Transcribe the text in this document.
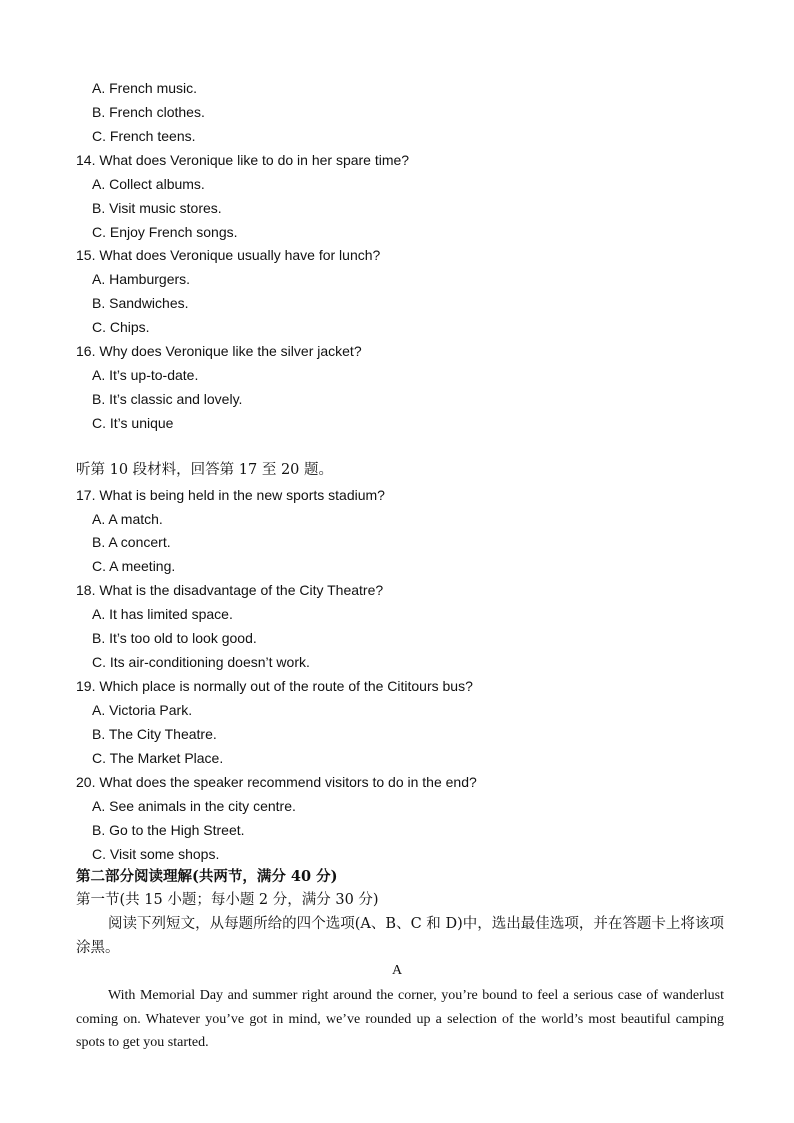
A. French music.
B. French clothes.
C. French teens.
14. What does Veronique like to do in her spare time?
A. Collect albums.
B. Visit music stores.
C. Enjoy French songs.
15. What does Veronique usually have for lunch?
A. Hamburgers.
B. Sandwiches.
C. Chips.
16. Why does Veronique like the silver jacket?
A. It’s up-to-date.
B. It’s classic and lovely.
C. It’s unique
听第 10 段材料，回答第 17 至 20 题。
17. What is being held in the new sports stadium?
A. A match.
B. A concert.
C. A meeting.
18. What is the disadvantage of the City Theatre?
A. It has limited space.
B. It’s too old to look good.
C. Its air-conditioning doesn’t work.
19. Which place is normally out of the route of the Cititours bus?
A. Victoria Park.
B. The City Theatre.
C. The Market Place.
20. What does the speaker recommend visitors to do in the end?
A. See animals in the city centre.
B. Go to the High Street.
C. Visit some shops.
第二部分阅读理解(共两节，满分 40 分)
第一节(共 15 小题；每小题 2 分，满分 30 分)

阅读下列短文，从每题所给的四个选项(A、B、C 和 D)中，选出最佳选项，并在答题卡上将该项涂黑。

A

With Memorial Day and summer right around the corner, you’re bound to feel a serious case of wanderlust coming on. Whatever you’ve got in mind, we’ve rounded up a selection of the world’s most beautiful camping spots to get you started.
